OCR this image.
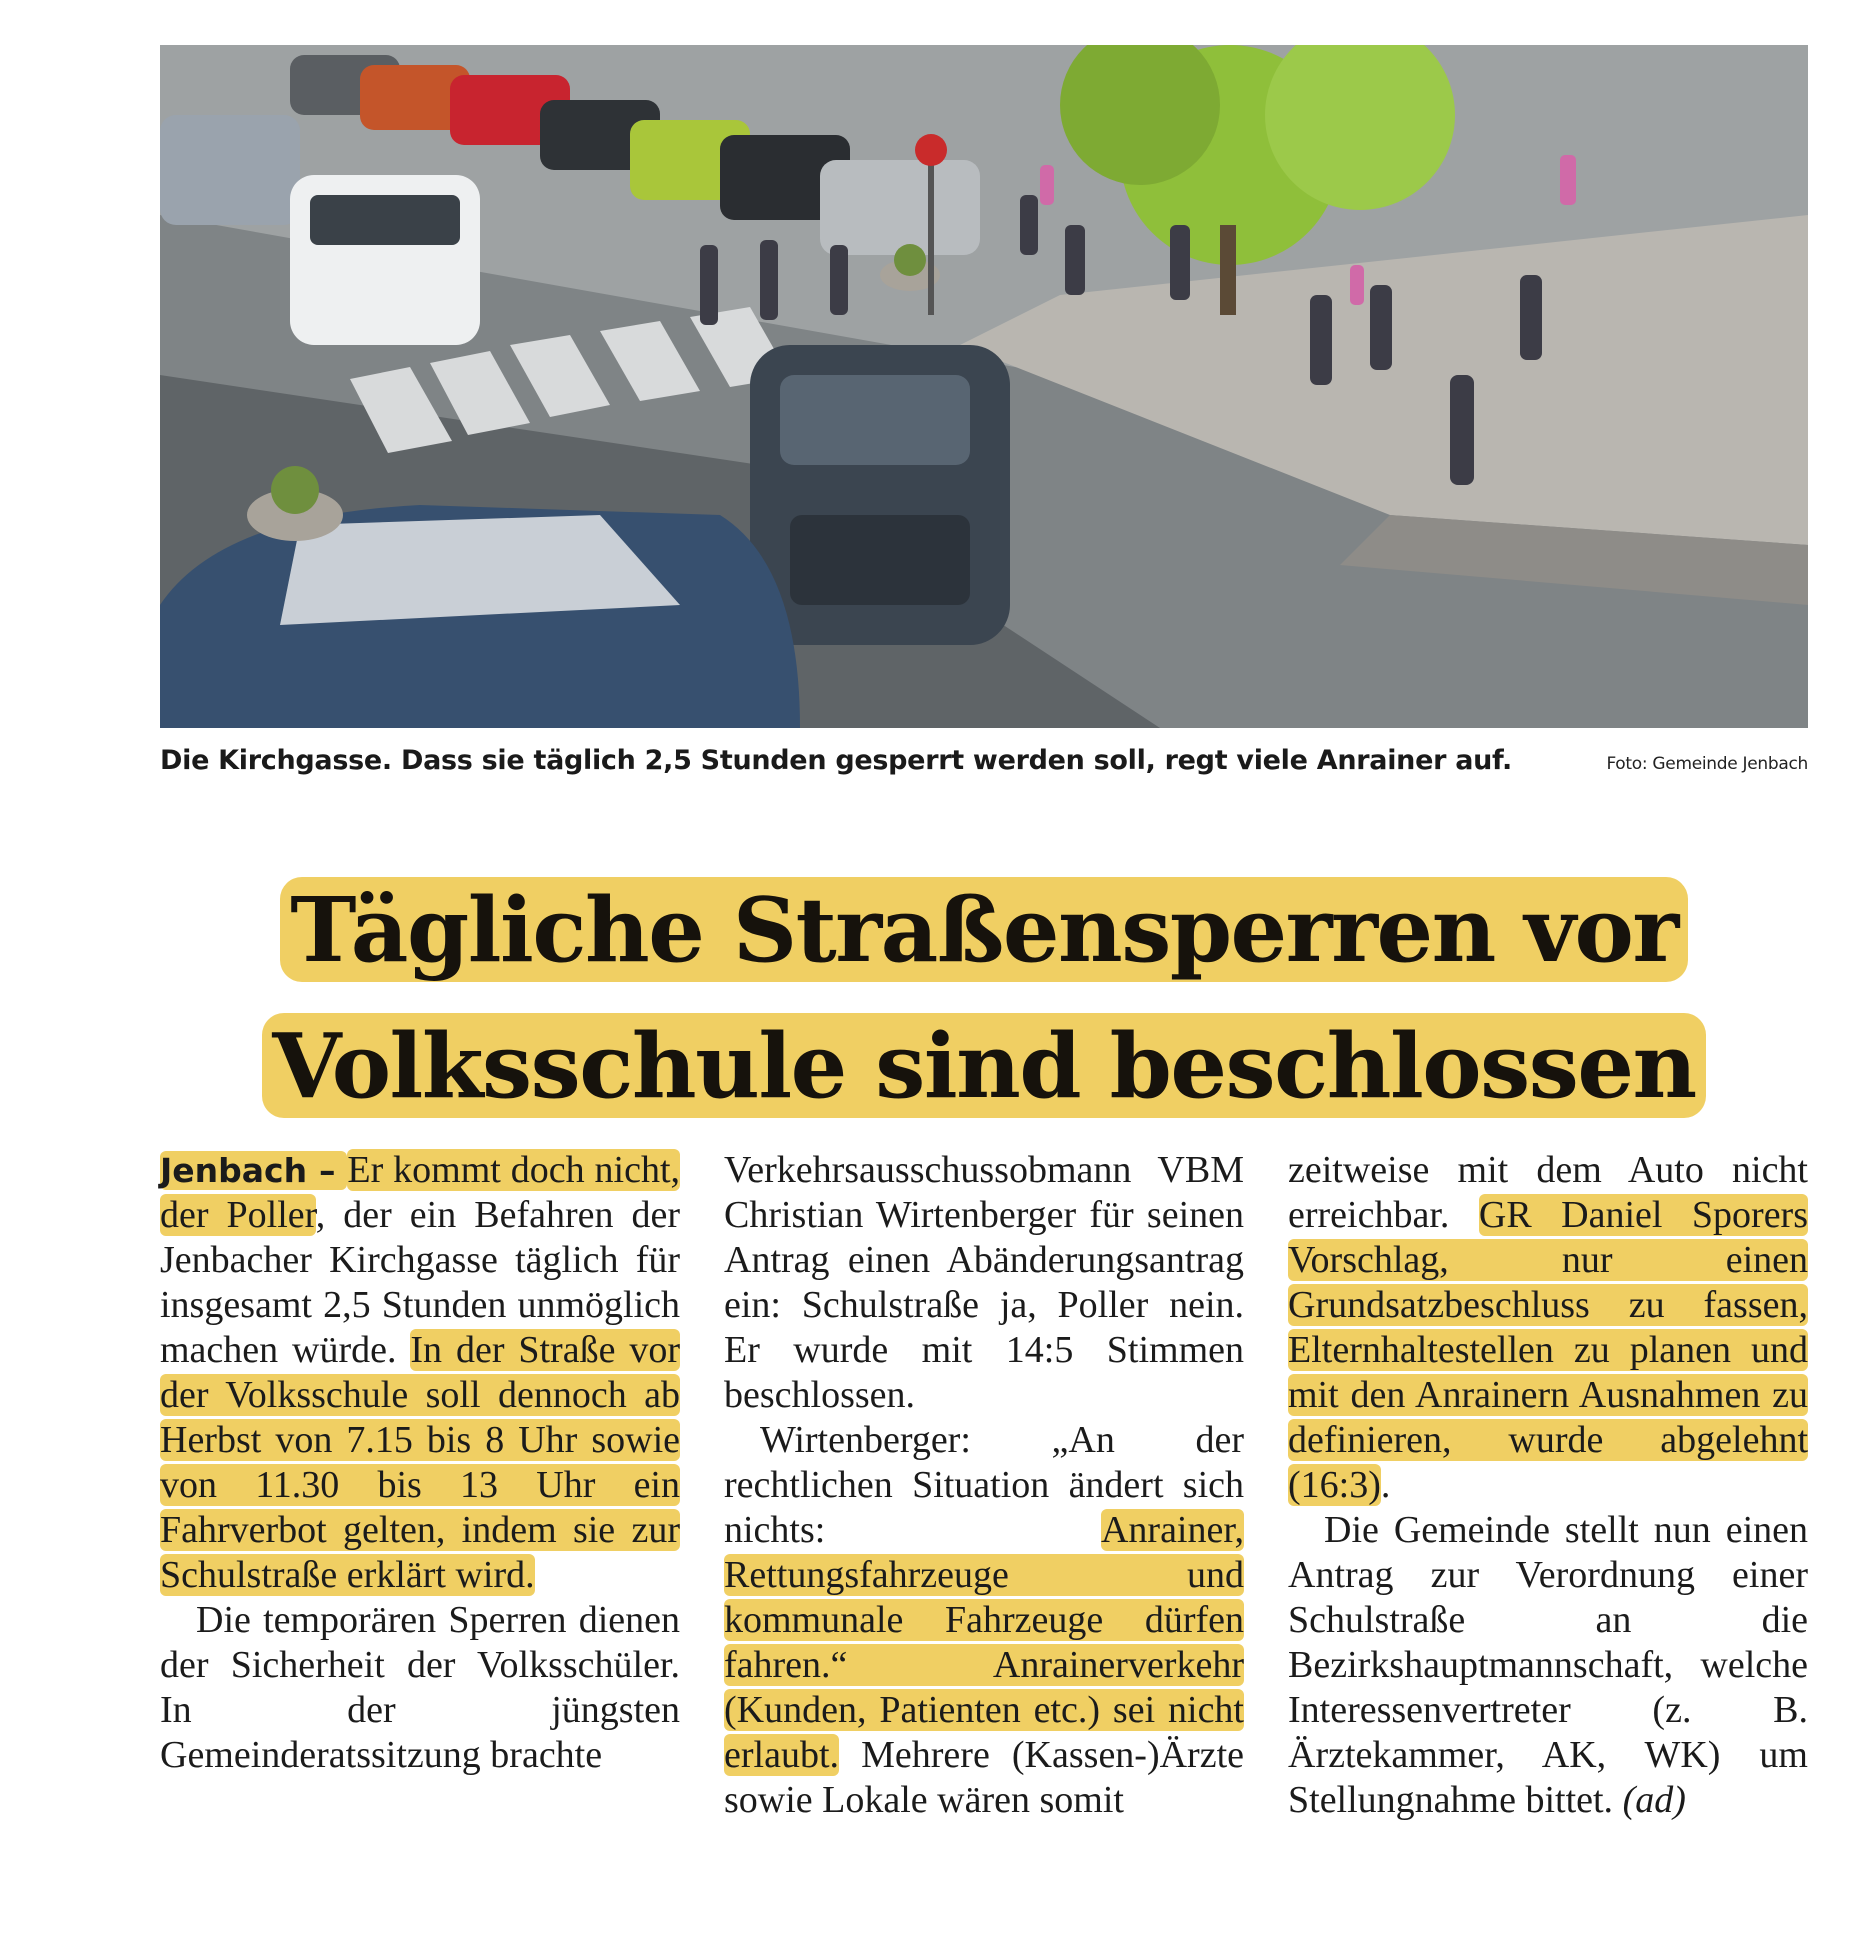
Die Kirchgasse. Dass sie täglich 2,5 Stunden gesperrt werden soll, regt viele Anrainer auf.	Foto: Gemeinde Jenbach
Tägliche Straßensperren vor
Volksschule sind beschlossen

Jenbach – Er kommt doch nicht, der Poller, der ein Befahren der Jenbacher Kirchgasse täglich für insgesamt 2,5 Stunden unmöglich machen würde. In der Straße vor der Volksschule soll dennoch ab Herbst von 7.15 bis 8 Uhr sowie von 11.30 bis 13 Uhr ein Fahrverbot gelten, indem sie zur Schulstraße erklärt wird.

Die temporären Sperren dienen der Sicherheit der Volksschüler. In der jüngsten Gemeinderatssitzung brachte

Verkehrsausschussobmann VBM Christian Wirtenberger für seinen Antrag einen Abänderungsantrag ein: Schulstraße ja, Poller nein. Er wurde mit 14:5 Stimmen beschlossen.

Wirtenberger: „An der rechtlichen Situation ändert sich nichts: Anrainer, Rettungsfahrzeuge und kommunale Fahrzeuge dürfen fahren.“ Anrainerverkehr (Kunden, Patienten etc.) sei nicht erlaubt. Mehrere (Kassen-)Ärzte sowie Lokale wären somit

zeitweise mit dem Auto nicht erreichbar. GR Daniel Sporers Vorschlag, nur einen Grundsatzbeschluss zu fassen, Elternhaltestellen zu planen und mit den Anrainern Ausnahmen zu definieren, wurde abgelehnt (16:3).

Die Gemeinde stellt nun einen Antrag zur Verordnung einer Schulstraße an die Bezirkshauptmannschaft, welche Interessenvertreter (z. B. Ärztekammer, AK, WK) um Stellungnahme bittet. (ad)
